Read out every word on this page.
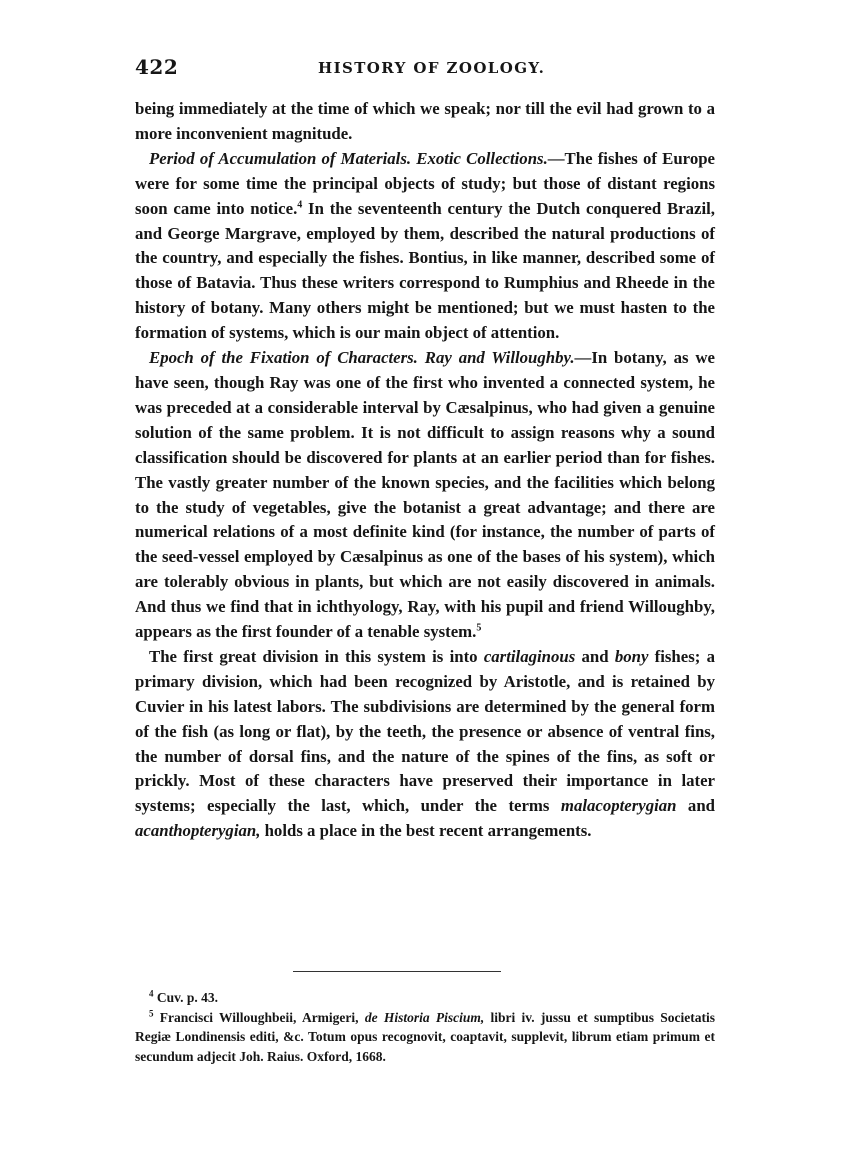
422	HISTORY OF ZOOLOGY.

being immediately at the time of which we speak; nor till the evil had grown to a more inconvenient magnitude.

Period of Accumulation of Materials. Exotic Collections.—The fishes of Europe were for some time the principal objects of study; but those of distant regions soon came into notice.$^4$ In the seventeenth century the Dutch conquered Brazil, and George Margrave, employed by them, described the natural productions of the country, and especially the fishes. Bontius, in like manner, described some of those of Batavia. Thus these writers correspond to Rumphius and Rheede in the history of botany. Many others might be mentioned; but we must hasten to the formation of systems, which is our main object of attention.

Epoch of the Fixation of Characters. Ray and Willoughby.—In botany, as we have seen, though Ray was one of the first who invented a connected system, he was preceded at a considerable interval by Cæsalpinus, who had given a genuine solution of the same problem. It is not difficult to assign reasons why a sound classification should be discovered for plants at an earlier period than for fishes. The vastly greater number of the known species, and the facilities which belong to the study of vegetables, give the botanist a great advantage; and there are numerical relations of a most definite kind (for instance, the number of parts of the seed-vessel employed by Cæsalpinus as one of the bases of his system), which are tolerably obvious in plants, but which are not easily discovered in animals. And thus we find that in ichthyology, Ray, with his pupil and friend Willoughby, appears as the first founder of a tenable system.$^5$

The first great division in this system is into cartilaginous and bony fishes; a primary division, which had been recognized by Aristotle, and is retained by Cuvier in his latest labors. The subdivisions are determined by the general form of the fish (as long or flat), by the teeth, the presence or absence of ventral fins, the number of dorsal fins, and the nature of the spines of the fins, as soft or prickly. Most of these characters have preserved their importance in later systems; especially the last, which, under the terms malacopterygian and acanthopterygian, holds a place in the best recent arrangements.

$^4$ Cuv. p. 43.

$^5$ Francisci Willoughbeii, Armigeri, de Historia Piscium, libri iv. jussu et sumptibus Societatis Regiæ Londinensis editi, &c. Totum opus recognovit, coaptavit, supplevit, librum etiam primum et secundum adjecit Joh. Raius. Oxford, 1668.
